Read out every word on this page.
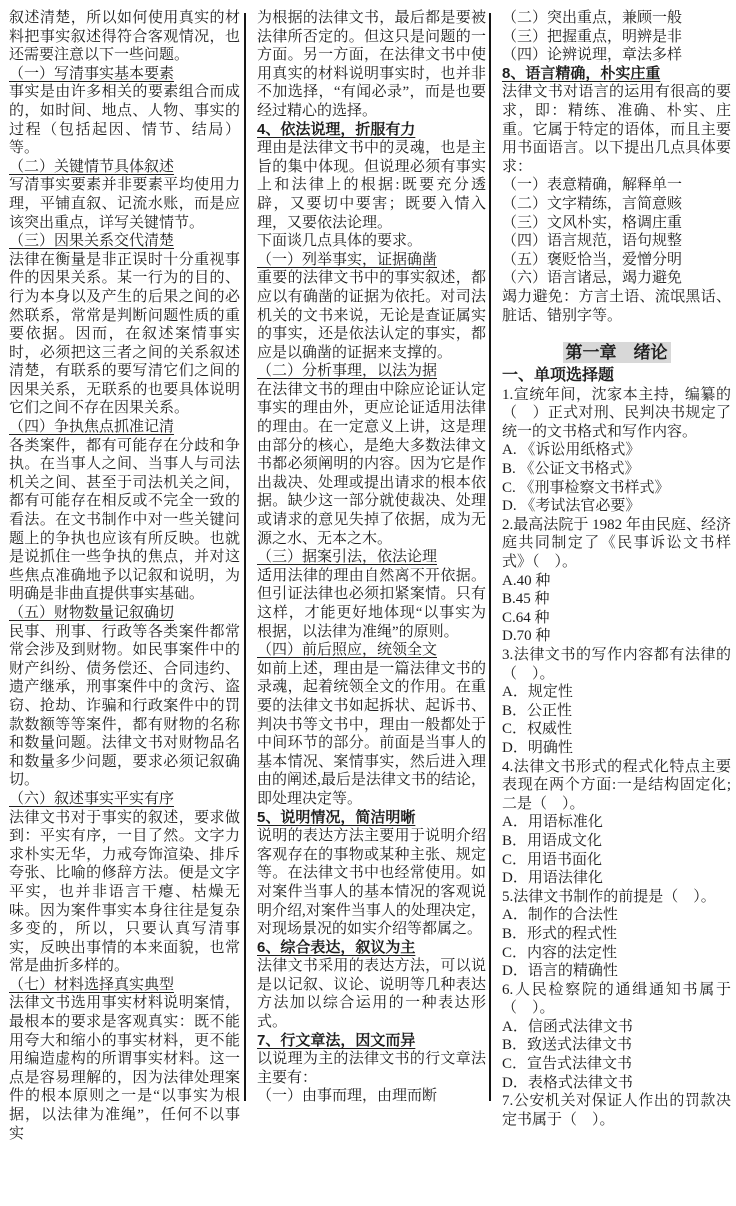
叙述清楚，所以如何使用真实的材料把事实叙述得符合客观情况，也还需要注意以下一些问题。
（一）写清事实基本要素
事实是由许多相关的要素组合而成的，如时间、地点、人物、事实的过程（包括起因、情节、结局）等。
（二）关键情节具体叙述
写清事实要素并非要素平均使用力理，平铺直叙、记流水账，而是应该突出重点，详写关键情节。
（三）因果关系交代清楚
法律在衡量是非正误时十分重视事件的因果关系。某一行为的目的、行为本身以及产生的后果之间的必然联系，常常是判断问题性质的重要依据。因而，在叙述案情事实时，必须把这三者之间的关系叙述清楚，有联系的要写清它们之间的因果关系，无联系的也要具体说明它们之间不存在因果关系。
（四）争执焦点抓准记清
各类案件，都有可能存在分歧和争执。在当事人之间、当事人与司法机关之间、甚至于司法机关之间，都有可能存在相反或不完全一致的看法。在文书制作中对一些关键问题上的争执也应该有所反映。也就是说抓住一些争执的焦点，并对这些焦点准确地予以记叙和说明，为明确是非曲直提供事实基础。
（五）财物数量记叙确切
民事、刑事、行政等各类案件都常常会涉及到财物。如民事案件中的财产纠纷、债务偿还、合同违约、遗产继承，刑事案件中的贪污、盗窃、抢劫、诈骗和行政案件中的罚款数额等等案件，都有财物的名称和数量问题。法律文书对财物品名和数量多少问题，要求必须记叙确切。
（六）叙述事实平实有序
法律文书对于事实的叙述，要求做到：平实有序，一目了然。文字力求朴实无华，力戒夸饰渲染、排斥夸张、比喻的修辞方法。便是文字平实，也并非语言干瘪、枯燥无味。因为案件事实本身往往是复杂多变的，所以，只要认真写清事实，反映出事情的本来面貌，也常常是曲折多样的。
（七）材料选择真实典型
法律文书选用事实材料说明案情，最根本的要求是客观真实：既不能用夸大和缩小的事实材料，更不能用编造虚构的所谓事实材料。这一点是容易理解的，因为法律处理案件的根本原则之一是“以事实为根据，以法律为准绳”，任何不以事实
为根据的法律文书，最后都是要被法律所否定的。但这只是问题的一方面。另一方面，在法律文书中使用真实的材料说明事实时，也并非不加选择，“有闻必录”，而是也要经过精心的选择。
4、依法说理，折服有力
理由是法律文书中的灵魂，也是主旨的集中体现。但说理必须有事实上和法律上的根据:既要充分透辟，又要切中要害；既要入情入理，又要依法论理。
下面谈几点具体的要求。
（一）列举事实，证据确凿
重要的法律文书中的事实叙述，都应以有确凿的证据为依托。对司法机关的文书来说，无论是查证属实的事实，还是依法认定的事实，都应是以确凿的证据来支撑的。
（二）分析事理，以法为据
在法律文书的理由中除应论证认定事实的理由外，更应论证适用法律的理由。在一定意义上讲，这是理由部分的核心，是绝大多数法律文书都必须阐明的内容。因为它是作出裁决、处理或提出请求的根本依据。缺少这一部分就使裁决、处理或请求的意见失掉了依据，成为无源之水、无本之木。
（三）据案引法，依法论理
适用法律的理由自然离不开依据。但引证法律也必须扣紧案情。只有这样，才能更好地体现“以事实为根据，以法律为准绳”的原则。
（四）前后照应，统领全文
如前上述，理由是一篇法律文书的录魂，起着统领全文的作用。在重要的法律文书如起拆状、起诉书、判决书等文书中，理由一般都处于中间环节的部分。前面是当事人的基本情况、案情事实，然后进入理由的阐述,最后是法律文书的结论，即处理决定等。
5、说明情况，简洁明晰
说明的表达方法主要用于说明介绍客观存在的事物或某种主张、规定等。在法律文书中也经常使用。如对案件当事人的基本情况的客观说明介绍,对案件当事人的处理决定，对现场景况的如实介绍等都属之。
6、综合表达，叙议为主
法律文书采用的表达方法，可以说是以记叙、议论、说明等几种表达方法加以综合运用的一种表达形式。
7、行文章法，因文而异
以说理为主的法律文书的行文章法主要有：
（一）由事而理，由理而断
（二）突出重点，兼顾一般
（三）把握重点，明辨是非
（四）论辨说理，章法多样
8、语言精确，朴实庄重
法律文书对语言的运用有很高的要求，即：精练、准确、朴实、庄重。它属于特定的语体，而且主要用书面语言。以下提出几点具体要求：
（一）表意精确，解释单一
（二）文字精练，言简意赅
（三）文风朴实，格调庄重
（四）语言规范，语句规整
（五）褒贬恰当，爱憎分明
（六）语言诸忌，竭力避免
竭力避免：方言土语、流氓黑话、脏话、错别字等。
第一章　绪论
一、单项选择题
1.宣统年间，沈家本主持，编纂的（　）正式对刑、民判决书规定了统一的文书格式和写作内容。
A. 《诉讼用纸格式》
B. 《公证文书格式》
C. 《刑事检察文书样式》
D. 《考试法官必要》
2.最高法院于 1982 年由民庭、经济庭共同制定了《民事诉讼文书样式》（　）。
A.40 种
B.45 种
C.64 种
D.70 种
3.法律文书的写作内容都有法律的（　）。
A．规定性
B．公正性
C．权威性
D．明确性
4.法律文书形式的程式化特点主要表现在两个方面:一是结构固定化;二是（　）。
A．用语标准化
B．用语成文化
C．用语书面化
D．用语法律化
5.法律文书制作的前提是（　）。
A．制作的合法性
B．形式的程式性
C．内容的法定性
D．语言的精确性
6.人民检察院的通缉通知书属于（　）。
A．信函式法律文书
B．致送式法律文书
C．宣告式法律文书
D．表格式法律文书
7.公安机关对保证人作出的罚款决定书属于（　）。
